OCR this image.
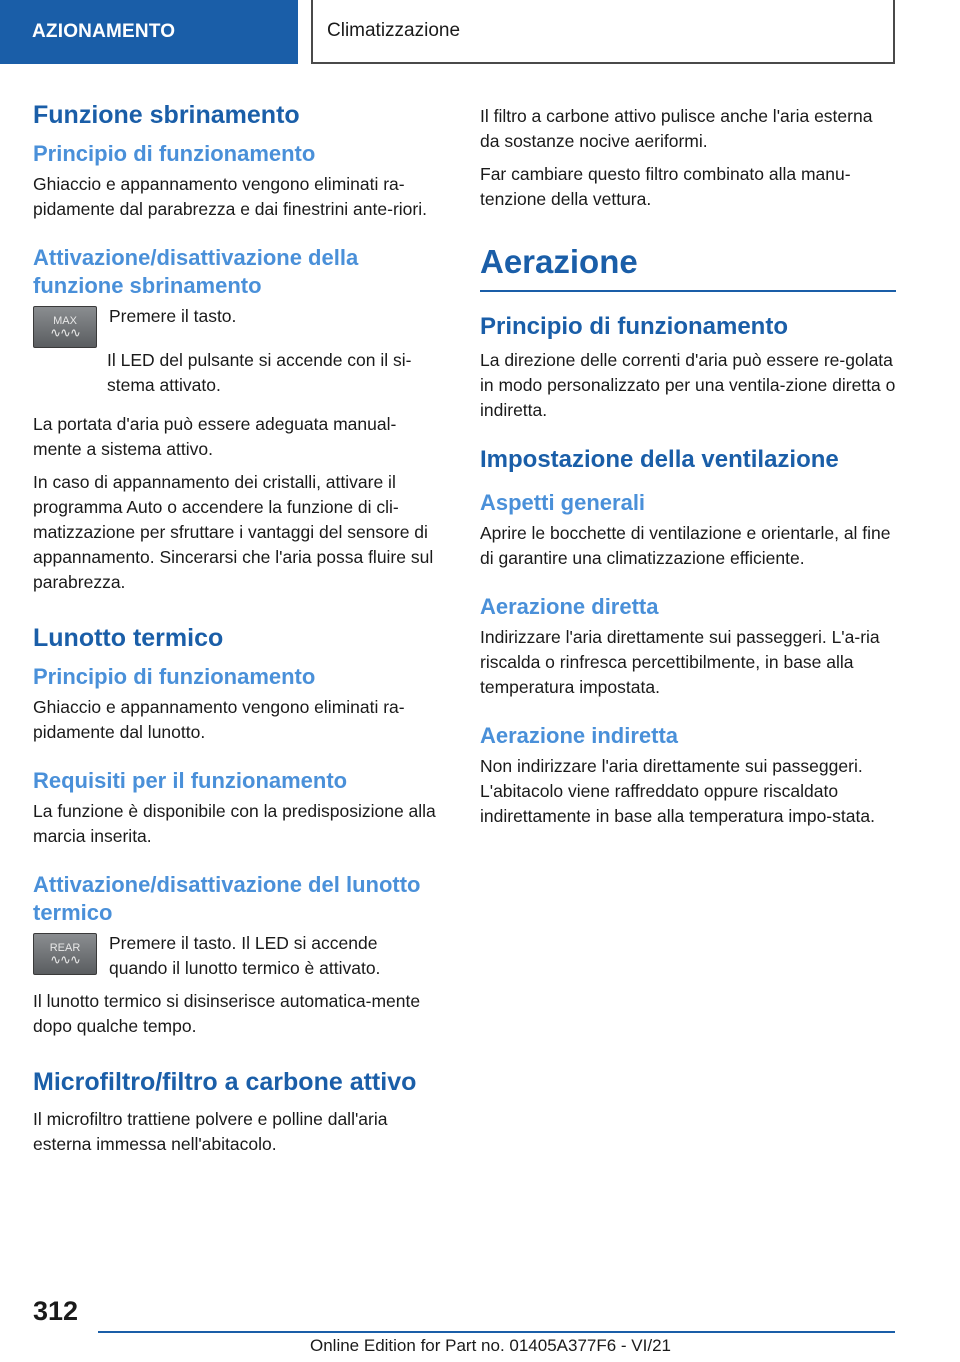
AZIONAMENTO	Climatizzazione
Funzione sbrinamento
Principio di funzionamento

Ghiaccio e appannamento vengono eliminati ra-pidamente dal parabrezza e dai finestrini ante-riori.

Attivazione/disattivazione della funzione sbrinamento
MAX
∿∿∿

Premere il tasto.

Il LED del pulsante si accende con il si-stema attivato.

La portata d'aria può essere adeguata manual-mente a sistema attivo.

In caso di appannamento dei cristalli, attivare il programma Auto o accendere la funzione di cli-matizzazione per sfruttare i vantaggi del sensore di appannamento. Sincerarsi che l'aria possa fluire sul parabrezza.

Lunotto termico
Principio di funzionamento

Ghiaccio e appannamento vengono eliminati ra-pidamente dal lunotto.

Requisiti per il funzionamento

La funzione è disponibile con la predisposizione alla marcia inserita.

Attivazione/disattivazione del lunotto termico
REAR
∿∿∿

Premere il tasto. Il LED si accende quando il lunotto termico è attivato.

Il lunotto termico si disinserisce automatica-mente dopo qualche tempo.

Microfiltro/filtro a carbone attivo

Il microfiltro trattiene polvere e polline dall'aria esterna immessa nell'abitacolo.

Il filtro a carbone attivo pulisce anche l'aria esterna da sostanze nocive aeriformi.

Far cambiare questo filtro combinato alla manu-tenzione della vettura.

Aerazione
Principio di funzionamento

La direzione delle correnti d'aria può essere re-golata in modo personalizzato per una ventila-zione diretta o indiretta.

Impostazione della ventilazione
Aspetti generali

Aprire le bocchette di ventilazione e orientarle, al fine di garantire una climatizzazione efficiente.

Aerazione diretta

Indirizzare l'aria direttamente sui passeggeri. L'a-ria riscalda o rinfresca percettibilmente, in base alla temperatura impostata.

Aerazione indiretta

Non indirizzare l'aria direttamente sui passeggeri. L'abitacolo viene raffreddato oppure riscaldato indirettamente in base alla temperatura impo-stata.

312
Online Edition for Part no. 01405A377F6 - VI/21
